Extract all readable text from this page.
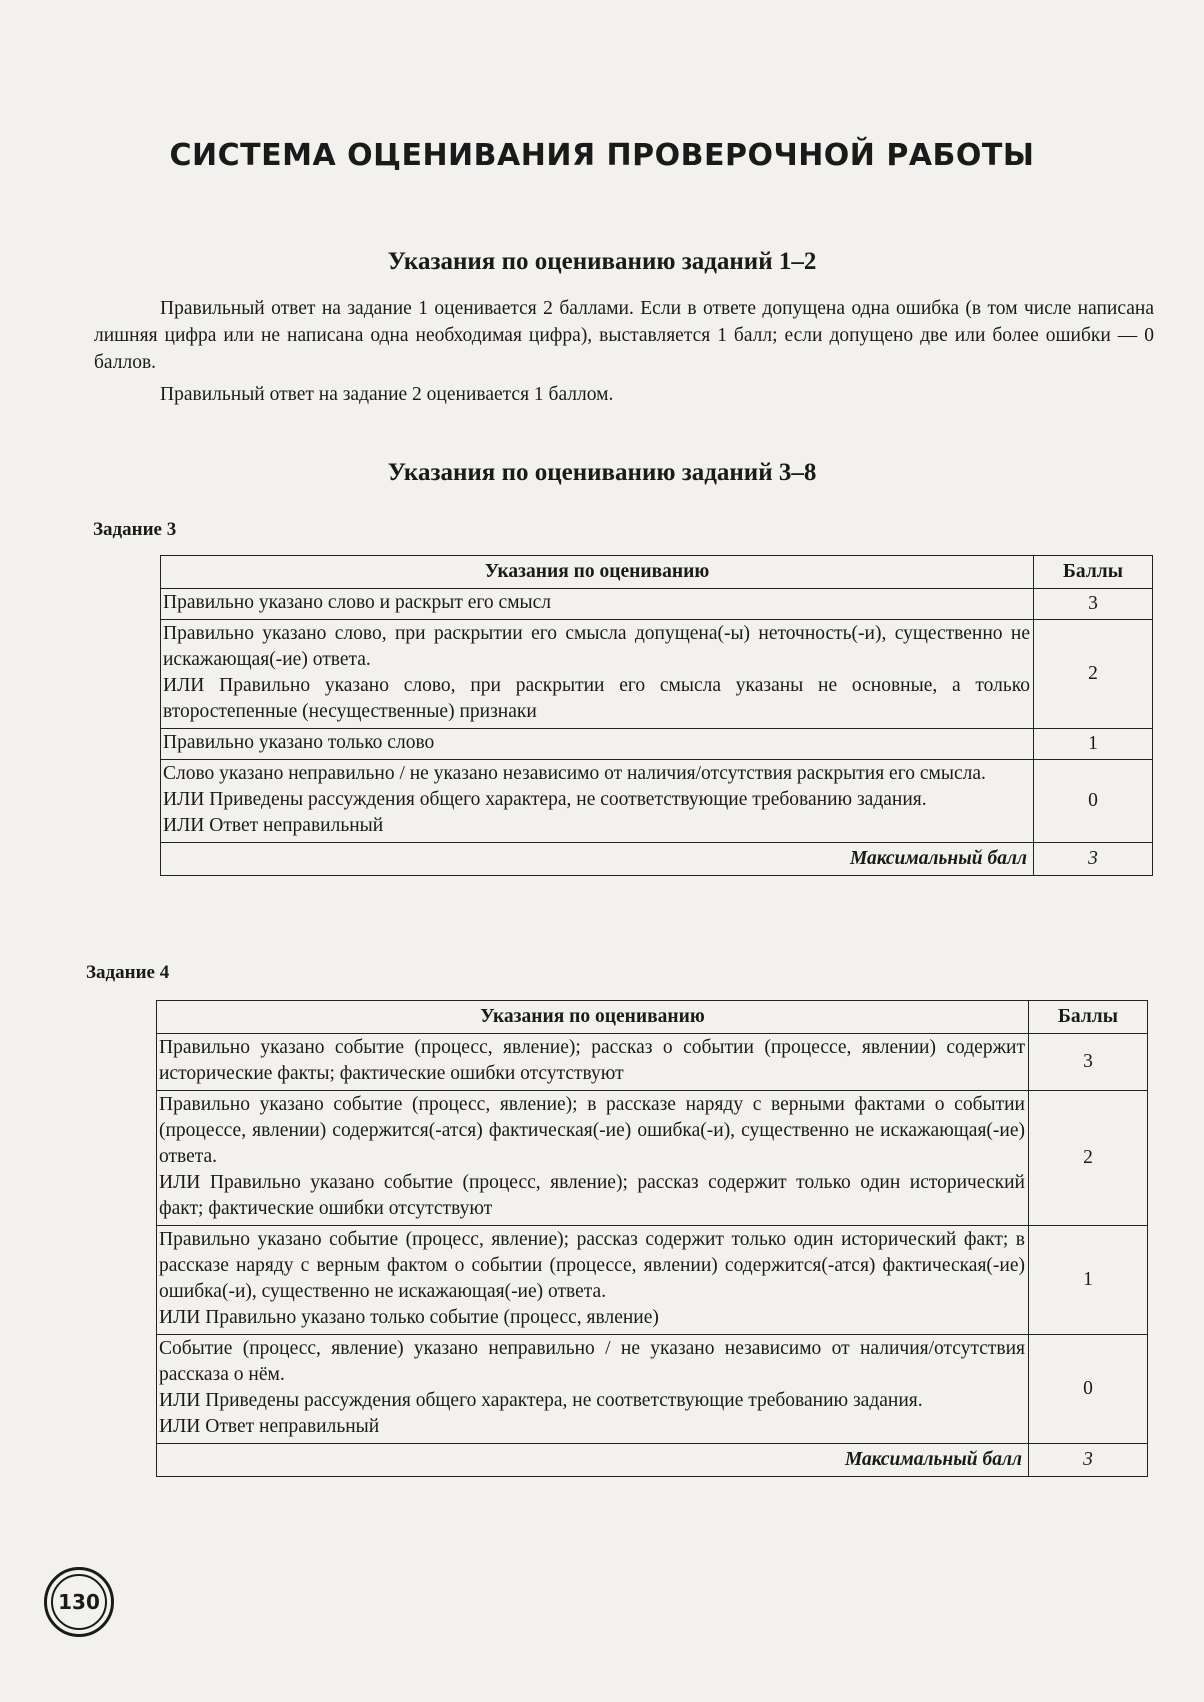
СИСТЕМА ОЦЕНИВАНИЯ ПРОВЕРОЧНОЙ РАБОТЫ
Указания по оцениванию заданий 1–2

Правильный ответ на задание 1 оценивается 2 баллами. Если в ответе допущена одна ошибка (в том числе написана лишняя цифра или не написана одна необходимая цифра), выставляется 1 балл; если допущено две или более ошибки — 0 баллов.

Правильный ответ на задание 2 оценивается 1 баллом.

Указания по оцениванию заданий 3–8

Задание 3

Указания по оцениванию	Баллы
Правильно указано слово и раскрыт его смысл	3
Правильно указано слово, при раскрытии его смысла допущена(-ы) неточность(-и), существенно не искажающая(-ие) ответа.
ИЛИ Правильно указано слово, при раскрытии его смысла указаны не основные, а только второстепенные (несущественные) признаки	2
Правильно указано только слово	1
Слово указано неправильно / не указано независимо от наличия/отсутствия раскрытия его смысла.
ИЛИ Приведены рассуждения общего характера, не соответствующие требованию задания.
ИЛИ Ответ неправильный	0
Максимальный балл	3

Задание 4

Указания по оцениванию	Баллы
Правильно указано событие (процесс, явление); рассказ о событии (процессе, явлении) содержит исторические факты; фактические ошибки отсутствуют	3
Правильно указано событие (процесс, явление); в рассказе наряду с верными фактами о событии (процессе, явлении) содержится(-атся) фактическая(-ие) ошибка(-и), существенно не искажающая(-ие) ответа.
ИЛИ Правильно указано событие (процесс, явление); рассказ содержит только один исторический факт; фактические ошибки отсутствуют	2
Правильно указано событие (процесс, явление); рассказ содержит только один исторический факт; в рассказе наряду с верным фактом о событии (процессе, явлении) содержится(-атся) фактическая(-ие) ошибка(-и), существенно не искажающая(-ие) ответа.
ИЛИ Правильно указано только событие (процесс, явление)	1
Событие (процесс, явление) указано неправильно / не указано независимо от наличия/отсутствия рассказа о нём.
ИЛИ Приведены рассуждения общего характера, не соответствующие требованию задания.
ИЛИ Ответ неправильный	0
Максимальный балл	3
130
